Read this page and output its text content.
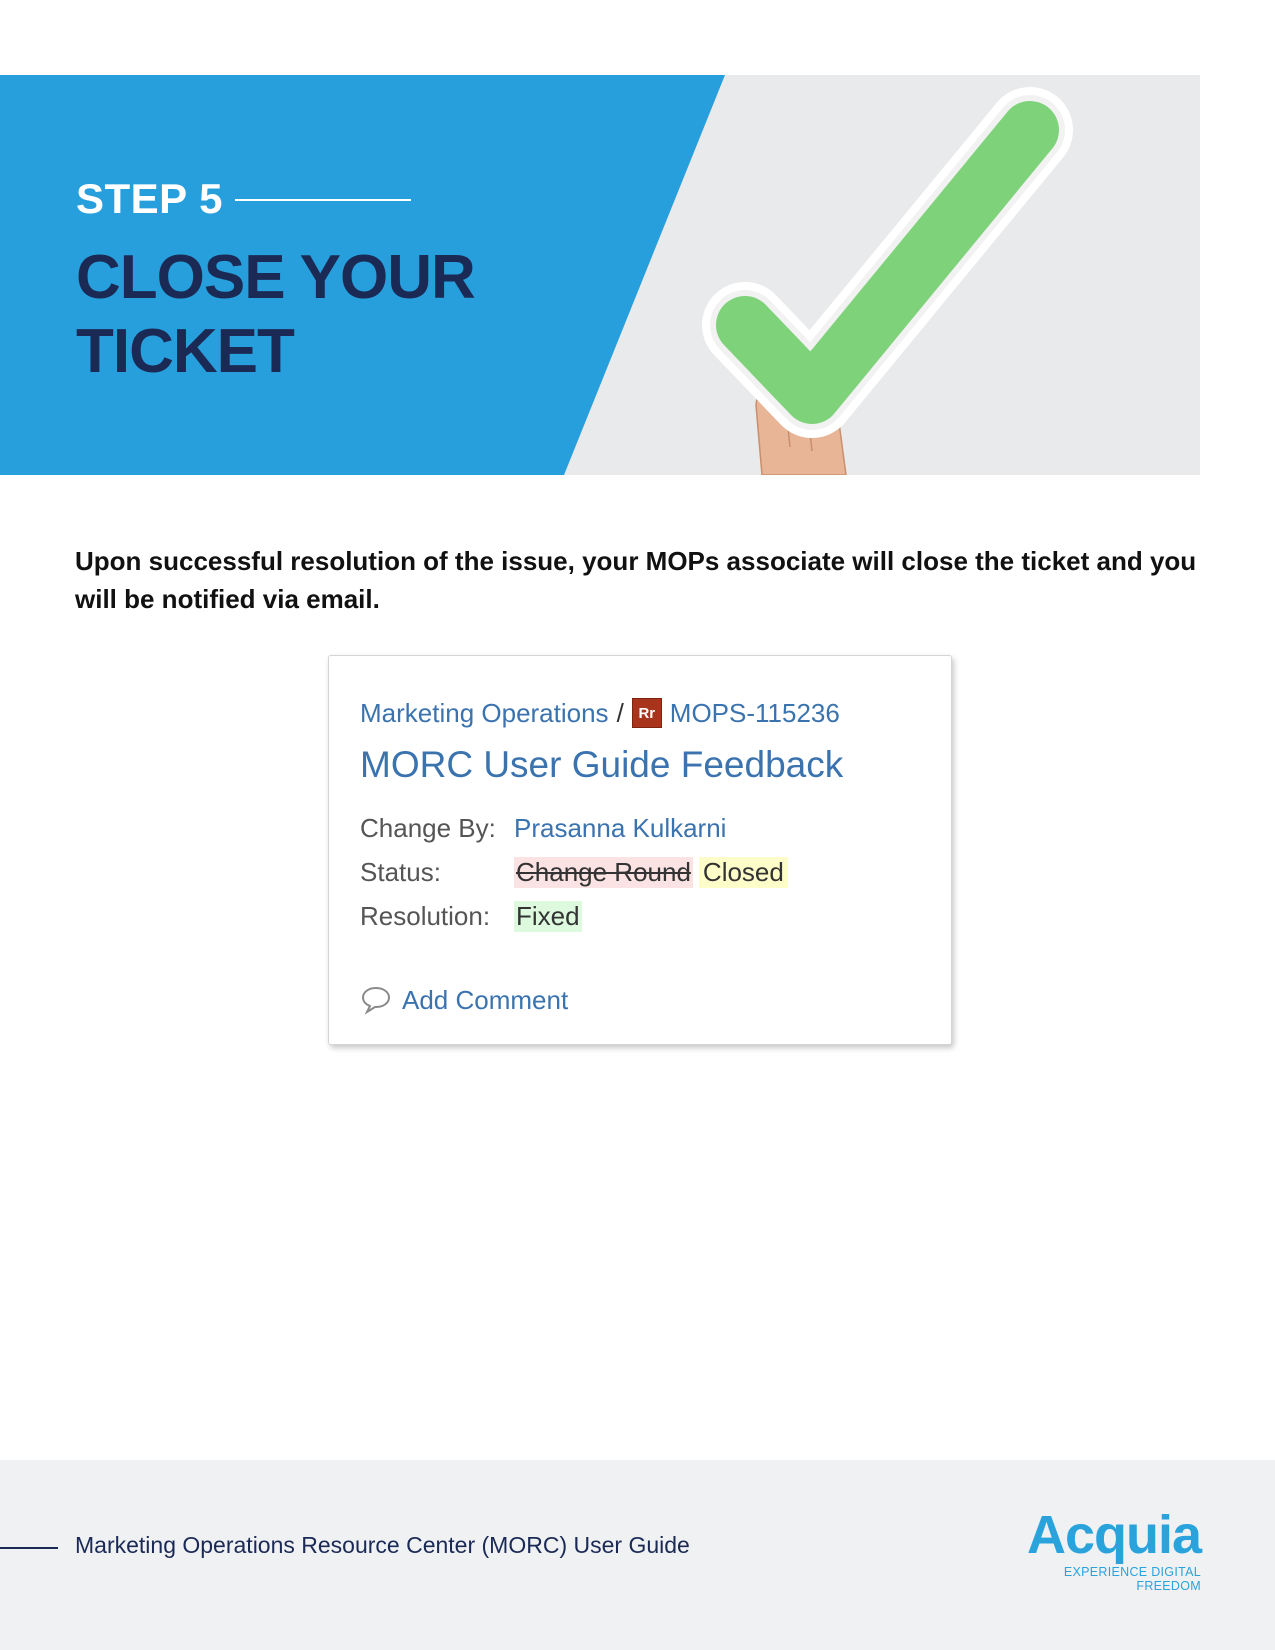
STEP 5
CLOSE YOUR
TICKET

Upon successful resolution of the issue, your MOPs associate will close the ticket and you will be notified via email.

Marketing Operations / Rr MOPS-115236
MORC User Guide Feedback
Change By: Prasanna Kulkarni
Status:	Change Round Closed
Resolution: Fixed
Add Comment
Marketing Operations Resource Center (MORC) User Guide	Acquia
EXPERIENCE DIGITAL FREEDOM
